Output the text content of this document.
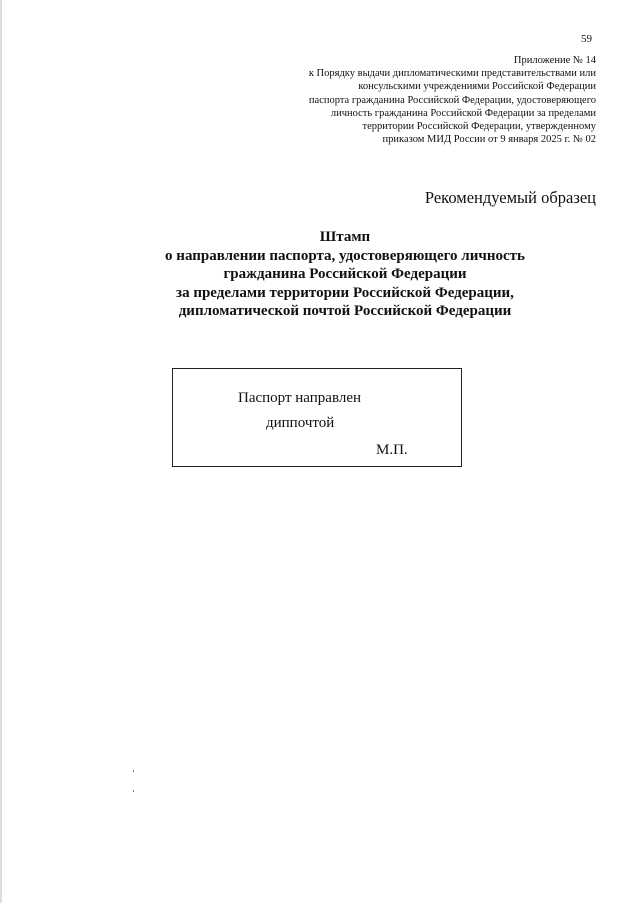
59
Приложение № 14
к Порядку выдачи дипломатическими представительствами или
консульскими учреждениями Российской Федерации
паспорта гражданина Российской Федерации, удостоверяющего
личность гражданина Российской Федерации за пределами
территории Российской Федерации, утвержденному
приказом МИД России от 9 января 2025 г. № 02
Рекомендуемый образец
Штамп
о направлении паспорта, удостоверяющего личность
гражданина Российской Федерации
за пределами территории Российской Федерации,
дипломатической почтой Российской Федерации
Паспорт направлен
диппочтой
М.П.
